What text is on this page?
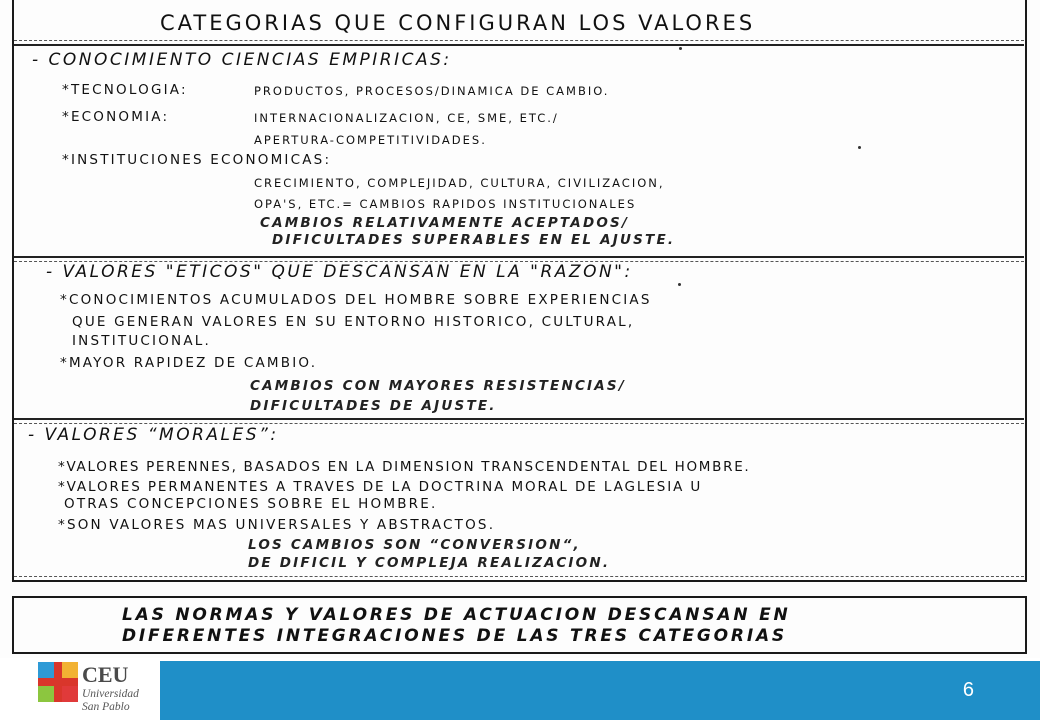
CATEGORIAS QUE CONFIGURAN LOS VALORES
- CONOCIMIENTO CIENCIAS EMPIRICAS:
*TECNOLOGIA:	PRODUCTOS, PROCESOS/DINAMICA DE CAMBIO.
*ECONOMIA:	INTERNACIONALIZACION, CE, SME, ETC./
APERTURA-COMPETITIVIDADES.
*INSTITUCIONES ECONOMICAS:
CRECIMIENTO, COMPLEJIDAD, CULTURA, CIVILIZACION,
OPA'S, ETC.= CAMBIOS RAPIDOS INSTITUCIONALES
CAMBIOS RELATIVAMENTE ACEPTADOS/
DIFICULTADES SUPERABLES EN EL AJUSTE.
- VALORES "ETICOS" QUE DESCANSAN EN LA "RAZON":
*CONOCIMIENTOS ACUMULADOS DEL HOMBRE SOBRE EXPERIENCIAS
QUE GENERAN VALORES EN SU ENTORNO HISTORICO, CULTURAL,
INSTITUCIONAL.
*MAYOR RAPIDEZ DE CAMBIO.
CAMBIOS CON MAYORES RESISTENCIAS/
DIFICULTADES DE AJUSTE.
- VALORES “MORALES”:
*VALORES PERENNES, BASADOS EN LA DIMENSION TRANSCENDENTAL DEL HOMBRE.
*VALORES PERMANENTES A TRAVES DE LA DOCTRINA MORAL DE LAGLESIA U
OTRAS CONCEPCIONES SOBRE EL HOMBRE.
*SON VALORES MAS UNIVERSALES Y ABSTRACTOS.
LOS CAMBIOS SON “CONVERSION“,
DE DIFICIL Y COMPLEJA REALIZACION.
LAS NORMAS Y VALORES DE ACTUACION DESCANSAN EN
DIFERENTES INTEGRACIONES DE LAS TRES CATEGORIAS
CEU
Universidad
San Pablo
6
